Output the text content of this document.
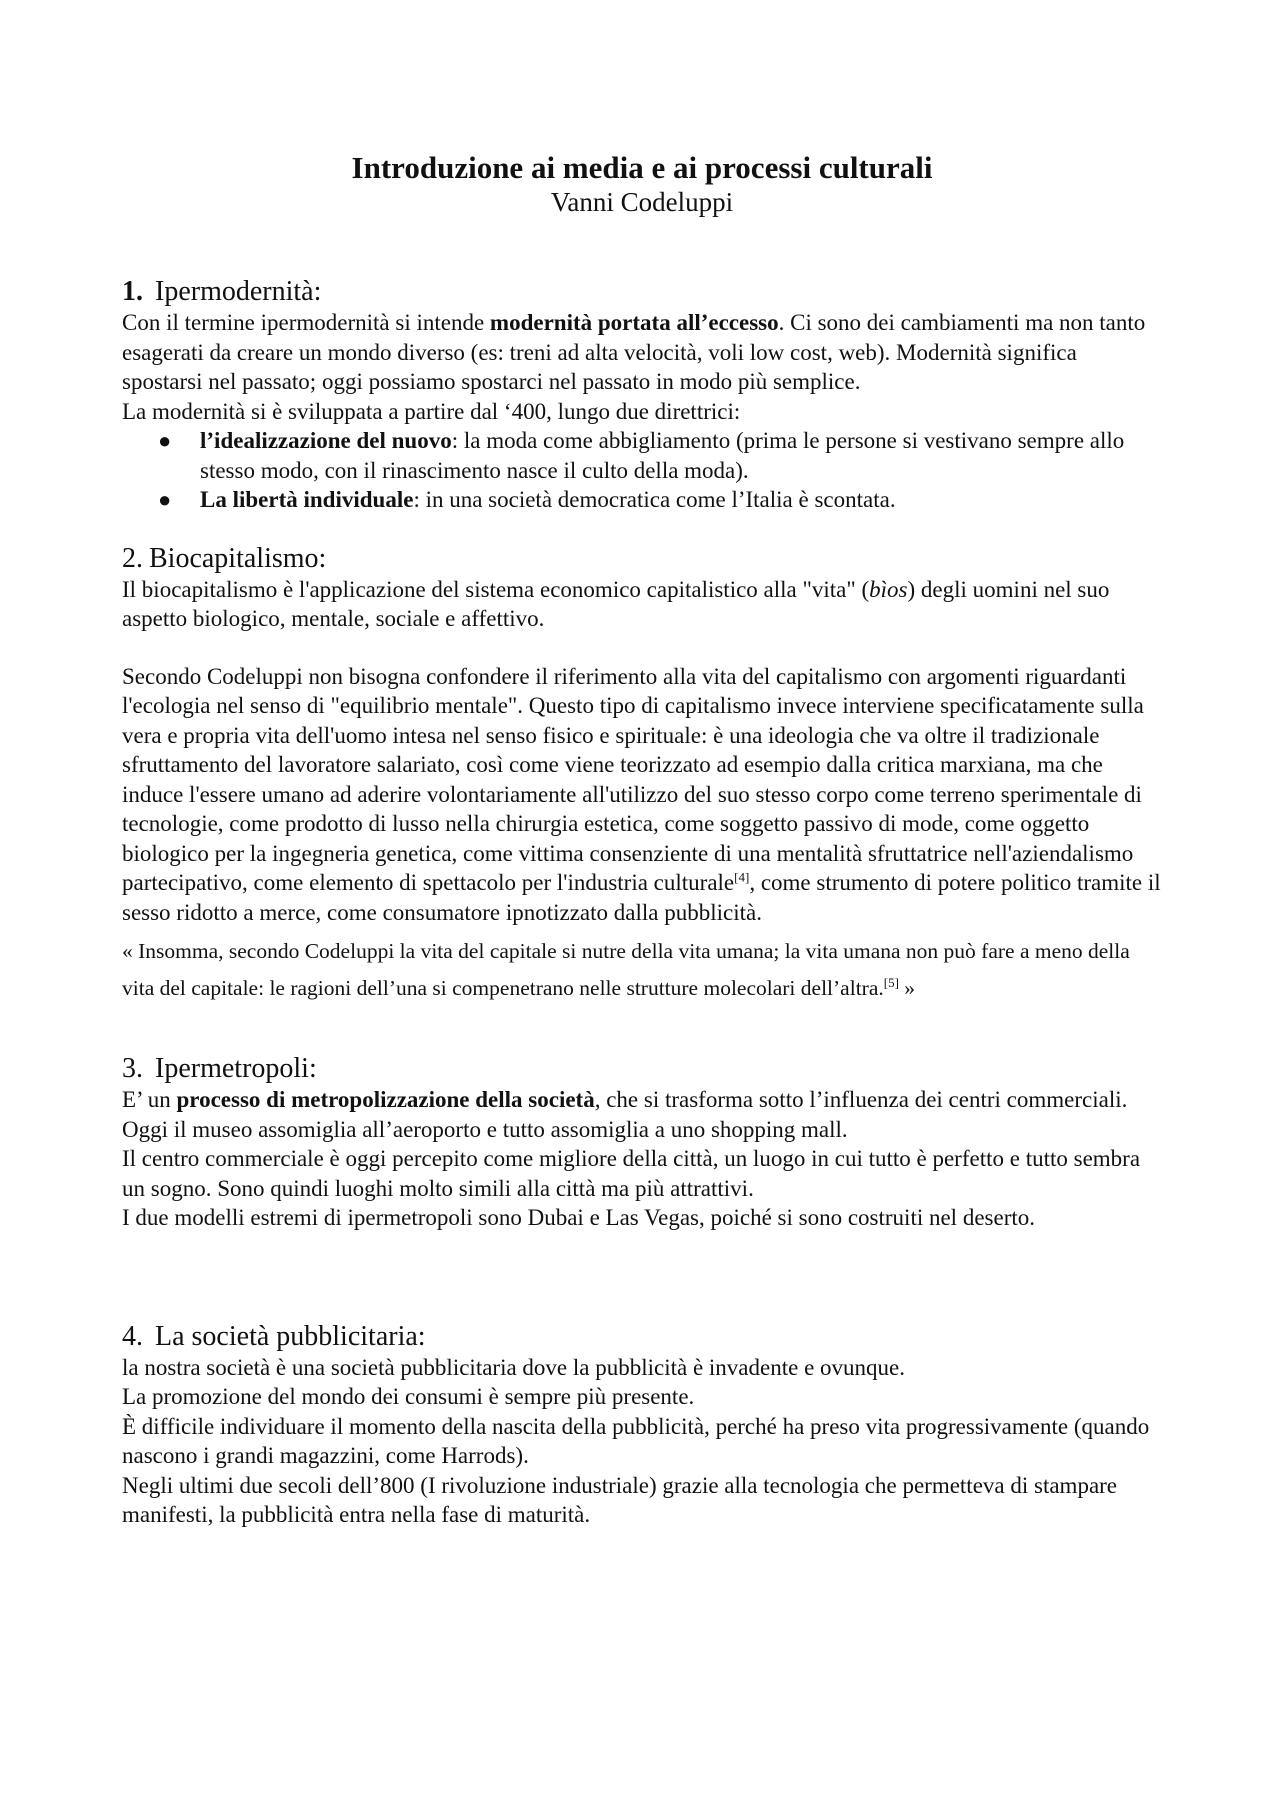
Introduzione ai media e ai processi culturali
Vanni Codeluppi
1. Ipermodernità:

Con il termine ipermodernità si intende modernità portata all’eccesso. Ci sono dei cambiamenti ma non tanto esagerati da creare un mondo diverso (es: treni ad alta velocità, voli low cost, web). Modernità significa spostarsi nel passato; oggi possiamo spostarci nel passato in modo più semplice.

La modernità si è sviluppata a partire dal ‘400, lungo due direttrici:

● l’idealizzazione del nuovo: la moda come abbigliamento (prima le persone si vestivano sempre allo stesso modo, con il rinascimento nasce il culto della moda).
● La libertà individuale: in una società democratica come l’Italia è scontata.
2. Biocapitalismo:

Il biocapitalismo è l'applicazione del sistema economico capitalistico alla "vita" (bìos) degli uomini nel suo aspetto biologico, mentale, sociale e affettivo.

Secondo Codeluppi non bisogna confondere il riferimento alla vita del capitalismo con argomenti riguardanti l'ecologia nel senso di "equilibrio mentale". Questo tipo di capitalismo invece interviene specificatamente sulla vera e propria vita dell'uomo intesa nel senso fisico e spirituale: è una ideologia che va oltre il tradizionale sfruttamento del lavoratore salariato, così come viene teorizzato ad esempio dalla critica marxiana, ma che induce l'essere umano ad aderire volontariamente all'utilizzo del suo stesso corpo come terreno sperimentale di tecnologie, come prodotto di lusso nella chirurgia estetica, come soggetto passivo di mode, come oggetto biologico per la ingegneria genetica, come vittima consenziente di una mentalità sfruttatrice nell'aziendalismo partecipativo, come elemento di spettacolo per l'industria culturale[4], come strumento di potere politico tramite il sesso ridotto a merce, come consumatore ipnotizzato dalla pubblicità.

« Insomma, secondo Codeluppi la vita del capitale si nutre della vita umana; la vita umana non può fare a meno della vita del capitale: le ragioni dell’una si compenetrano nelle strutture molecolari dell’altra.[5] »

3. Ipermetropoli:

E’ un processo di metropolizzazione della società, che si trasforma sotto l’influenza dei centri commerciali. Oggi il museo assomiglia all’aeroporto e tutto assomiglia a uno shopping mall.

Il centro commerciale è oggi percepito come migliore della città, un luogo in cui tutto è perfetto e tutto sembra un sogno. Sono quindi luoghi molto simili alla città ma più attrattivi.

I due modelli estremi di ipermetropoli sono Dubai e Las Vegas, poiché si sono costruiti nel deserto.

4. La società pubblicitaria:

la nostra società è una società pubblicitaria dove la pubblicità è invadente e ovunque.

La promozione del mondo dei consumi è sempre più presente.

È difficile individuare il momento della nascita della pubblicità, perché ha preso vita progressivamente (quando nascono i grandi magazzini, come Harrods).

Negli ultimi due secoli dell’800 (I rivoluzione industriale) grazie alla tecnologia che permetteva di stampare manifesti, la pubblicità entra nella fase di maturità.
